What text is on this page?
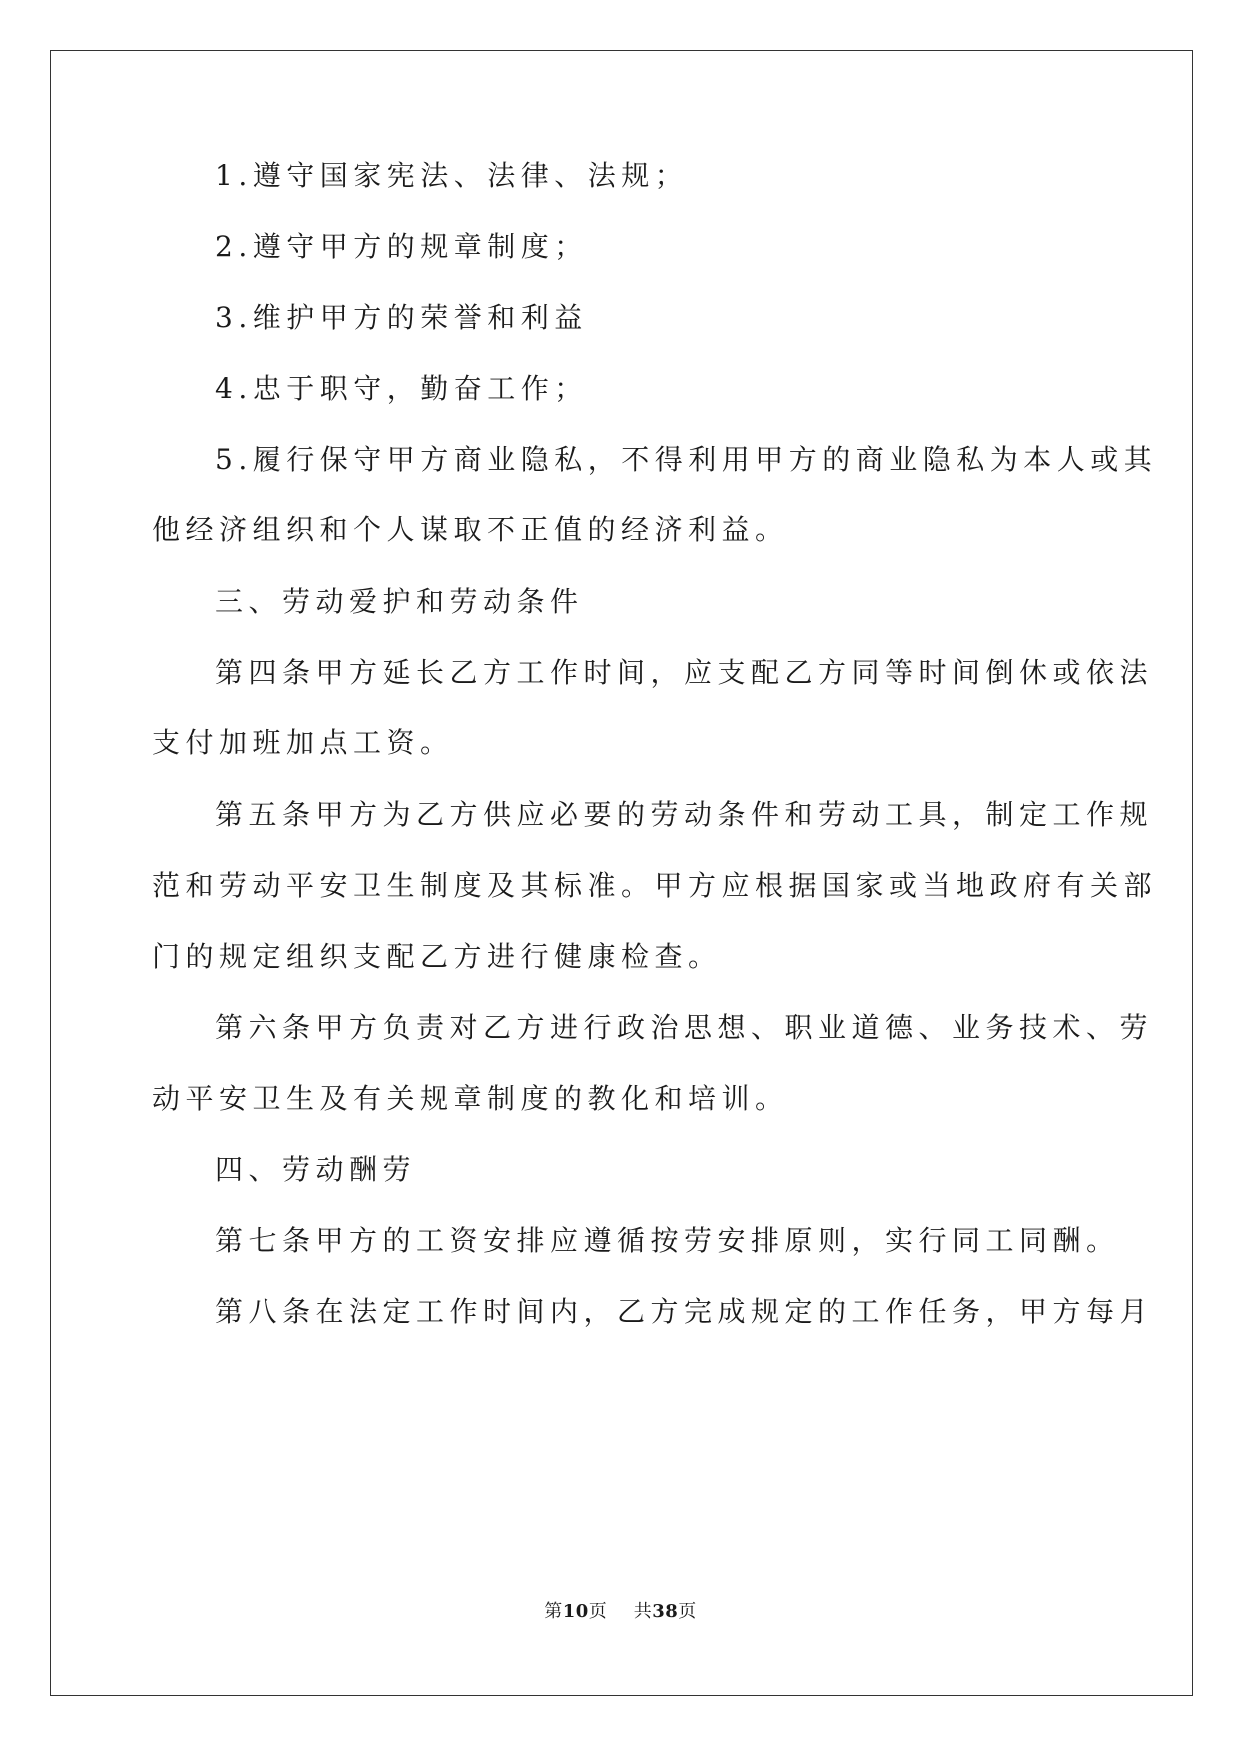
1.遵守国家宪法、法律、法规；
2.遵守甲方的规章制度；
3.维护甲方的荣誉和利益
4.忠于职守，勤奋工作；
5.履行保守甲方商业隐私，不得利用甲方的商业隐私为本人或其
他经济组织和个人谋取不正值的经济利益。
三、劳动爱护和劳动条件
第四条甲方延长乙方工作时间，应支配乙方同等时间倒休或依法
支付加班加点工资。
第五条甲方为乙方供应必要的劳动条件和劳动工具，制定工作规
范和劳动平安卫生制度及其标准。甲方应根据国家或当地政府有关部
门的规定组织支配乙方进行健康检查。
第六条甲方负责对乙方进行政治思想、职业道德、业务技术、劳
动平安卫生及有关规章制度的教化和培训。
四、劳动酬劳
第七条甲方的工资安排应遵循按劳安排原则，实行同工同酬。
第八条在法定工作时间内，乙方完成规定的工作任务，甲方每月
第10页 共38页
